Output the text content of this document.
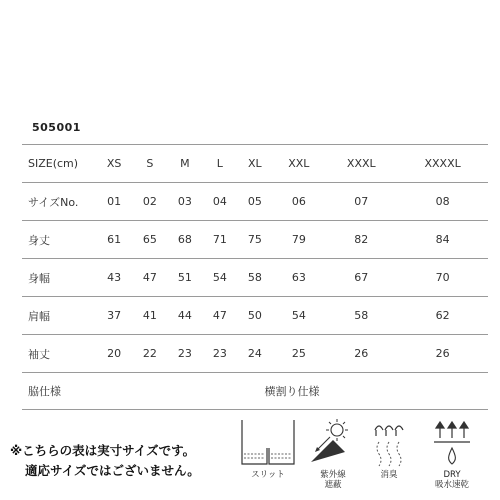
505001
SIZE(cm)	XS	S	M	L	XL	XXL	XXXL	XXXXL
サイズNo.	01	02	03	04	05	06	07	08
身丈	61	65	68	71	75	79	82	84
身幅	43	47	51	54	58	63	67	70
肩幅	37	41	44	47	50	54	58	62
袖丈	20	22	23	23	24	25	26	26
脇仕様	横割り仕様							
※こちらの表は実寸サイズです。
適応サイズではございません。	スリット	紫外線
遮蔽
消臭	DRY
吸水速乾
